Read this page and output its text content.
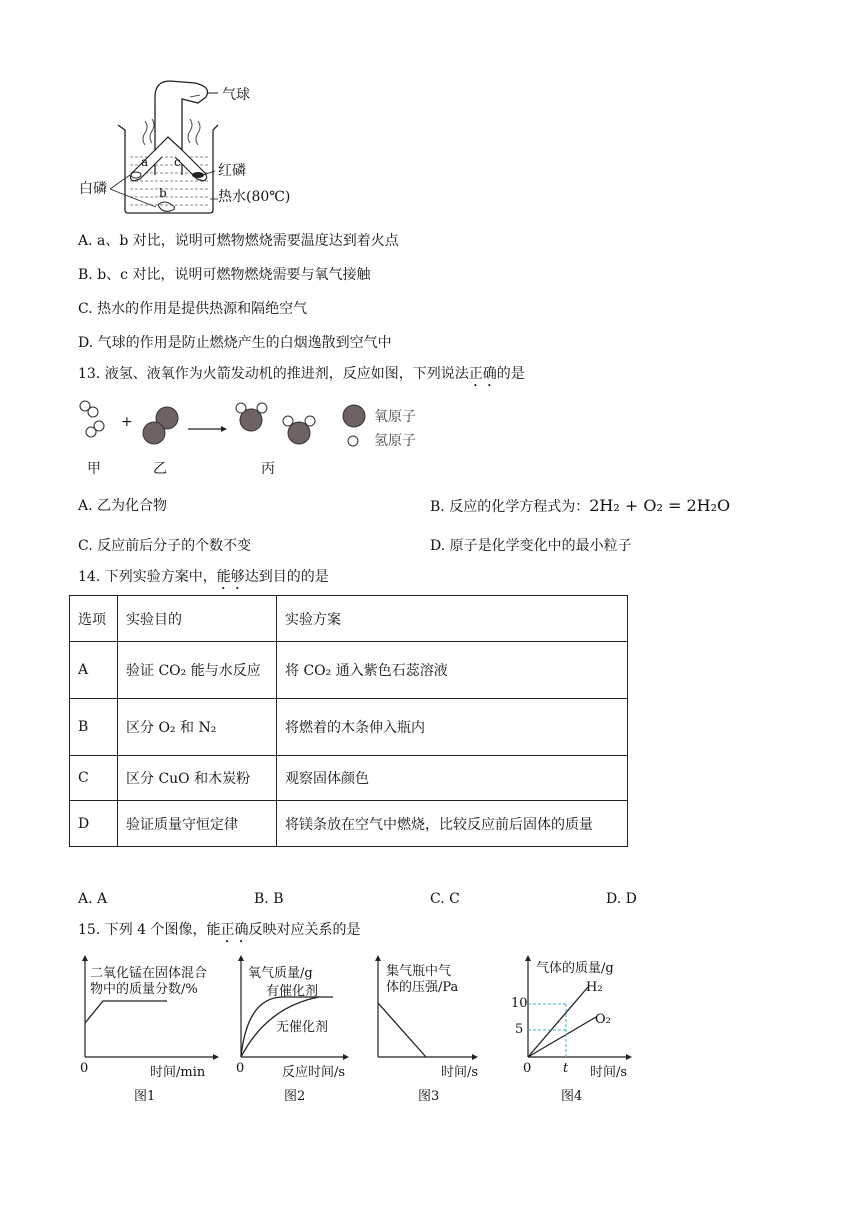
气球
红磷
白磷	热水(80℃)
a c
b
A. a、b 对比，说明可燃物燃烧需要温度达到着火点
B. b、c 对比，说明可燃物燃烧需要与氧气接触
C. 热水的作用是提供热源和隔绝空气
D. 气球的作用是防止燃烧产生的白烟逸散到空气中
13. 液氢、液氧作为火箭发动机的推进剂，反应如图，下列说法正确的是
+	氧原子
氢原子
甲	乙	丙
A. 乙为化合物	B. 反应的化学方程式为：2H₂ + O₂ = 2H₂O
C. 反应前后分子的个数不变	D. 原子是化学变化中的最小粒子
14. 下列实验方案中，能够达到目的的是
选项	实验目的	实验方案
A	验证 CO₂ 能与水反应	将 CO₂ 通入紫色石蕊溶液
B	区分 O₂ 和 N₂	将燃着的木条伸入瓶内
C	区分 CuO 和木炭粉	观察固体颜色
D	验证质量守恒定律	将镁条放在空气中燃烧，比较反应前后固体的质量
A. A	B. B	C. C	D. D
15. 下列 4 个图像，能正确反映对应关系的是
二氧化锰在固体混合
物中的质量分数/%
0	时间/min
图1
氧气质量/g
有催化剂
无催化剂
0	反应时间/s
图2
集气瓶中气
体的压强/Pa
时间/s
图3
气体的质量/g
10
5
H₂
O₂
0 t 时间/s
图4
